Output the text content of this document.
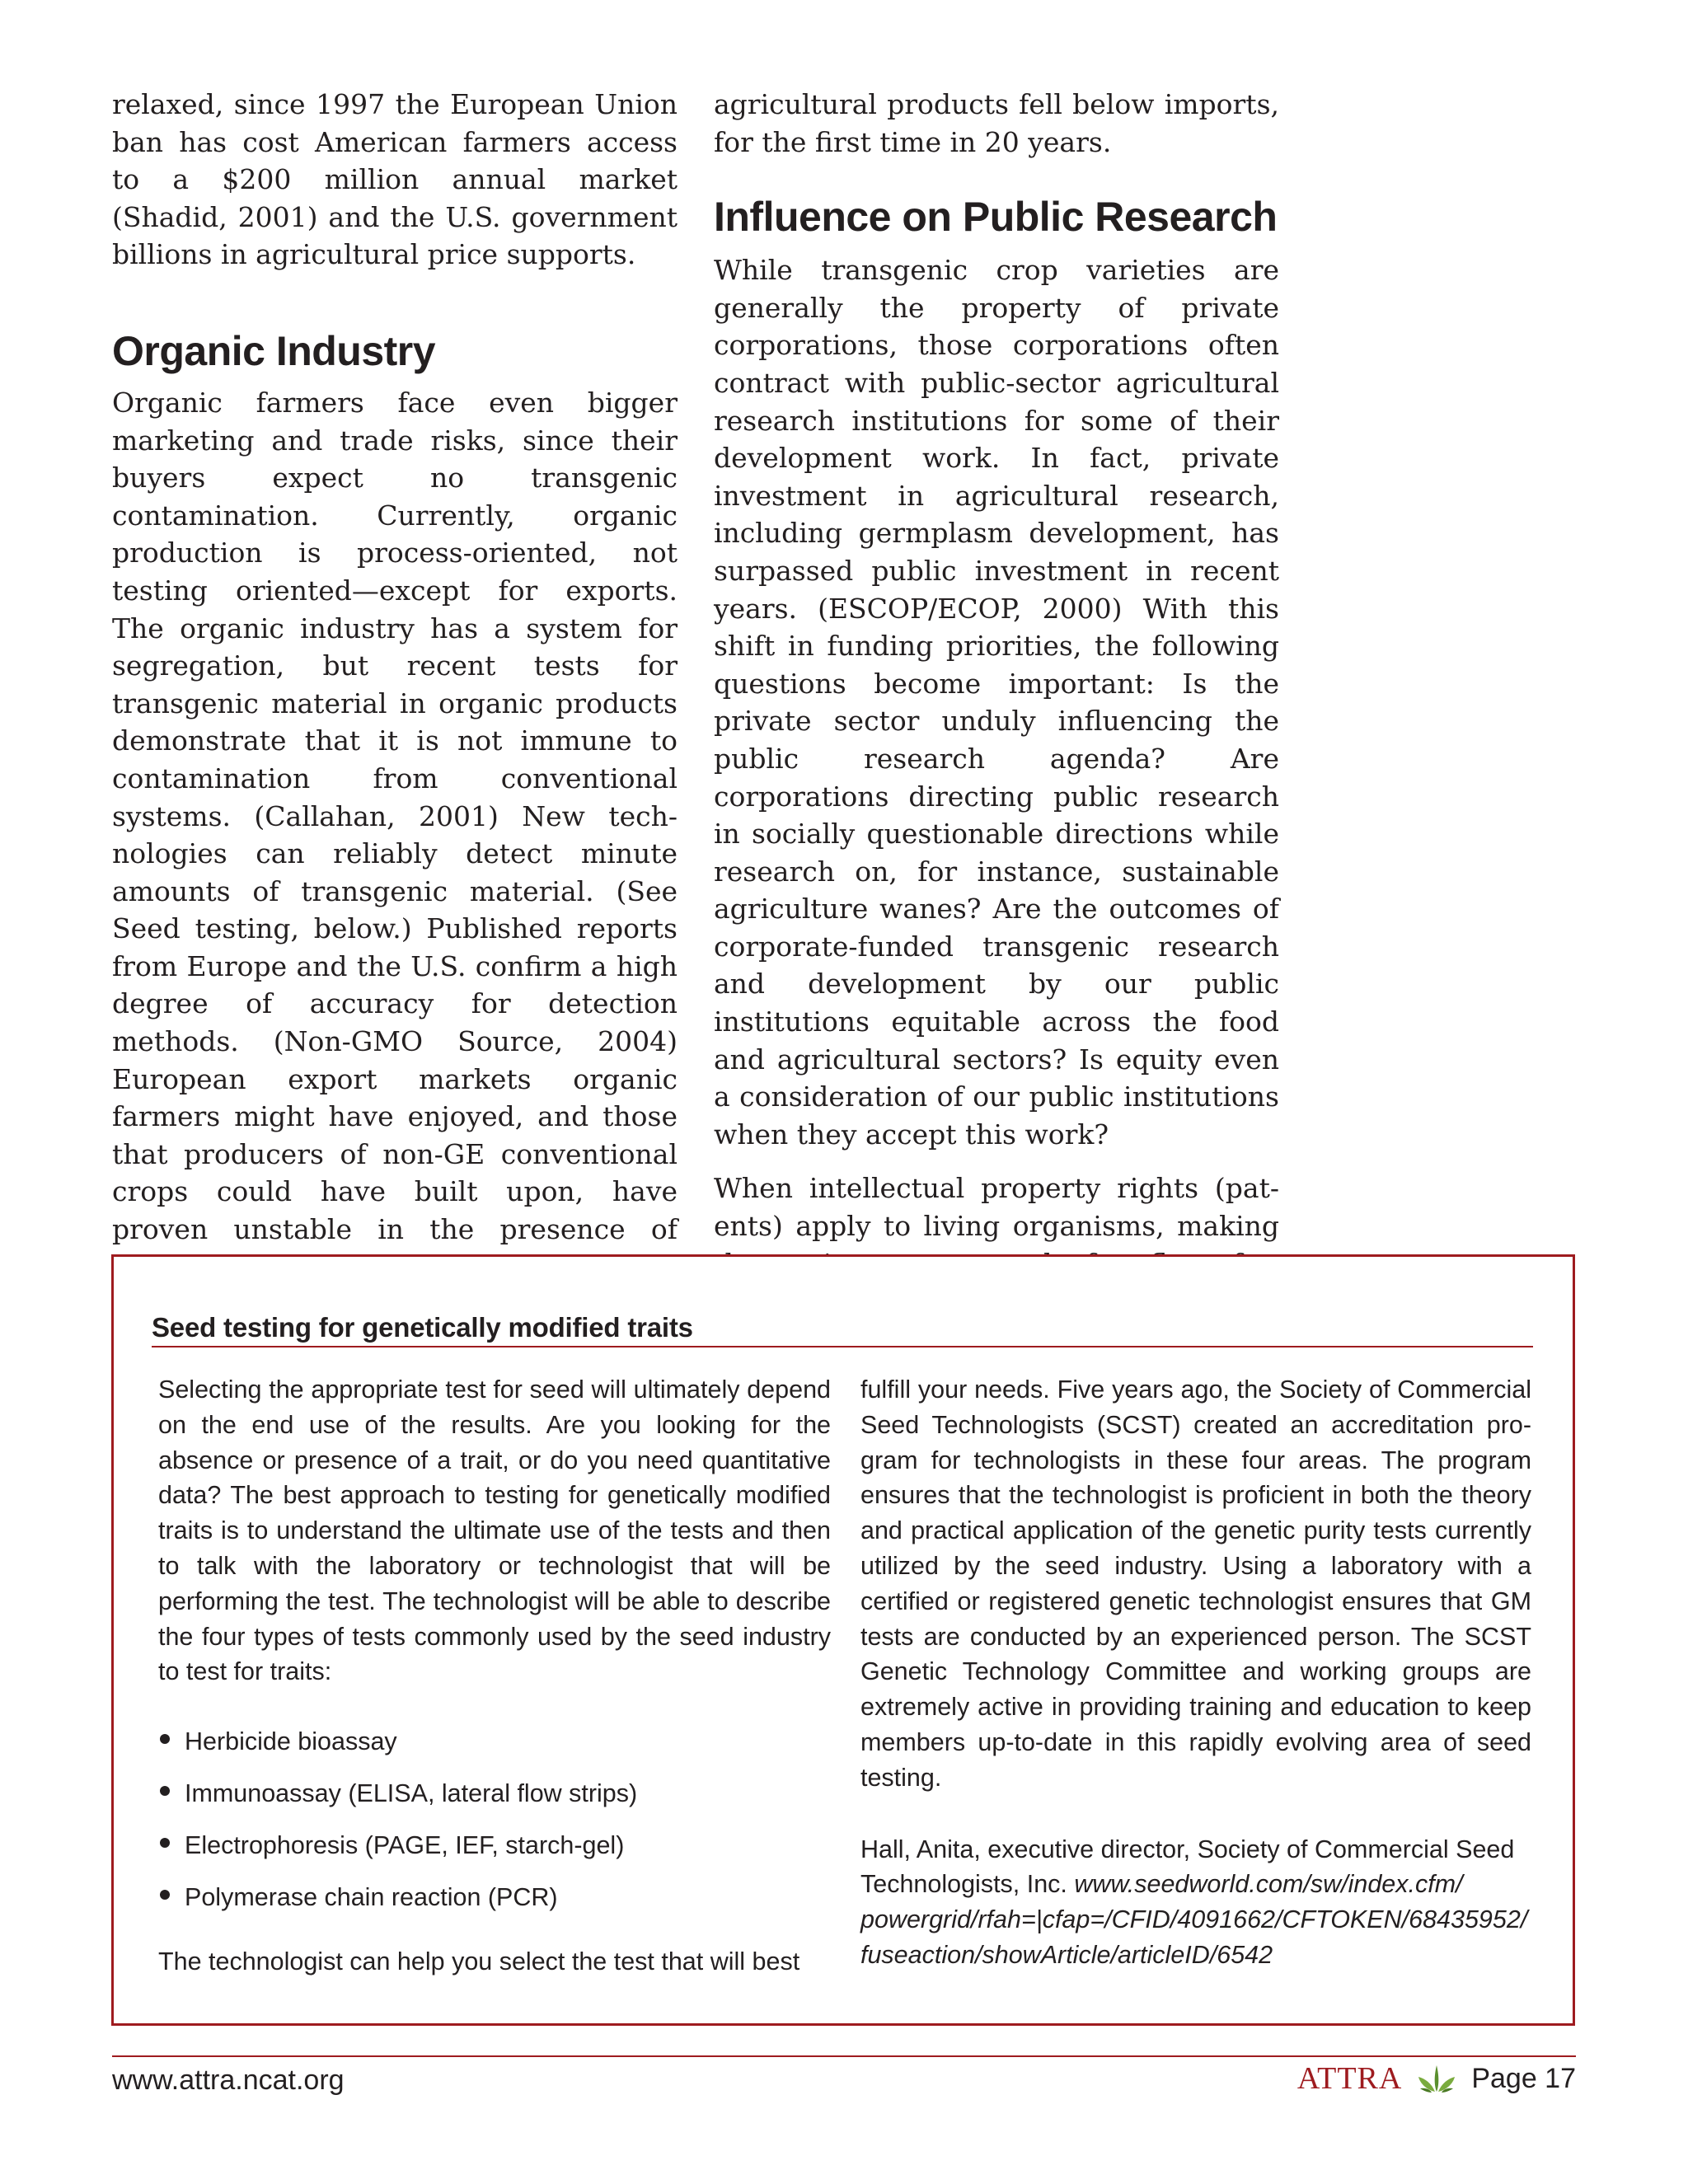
relaxed, since 1997 the European Union ban has cost American farmers access to a $200 million annual market (Shadid, 2001) and the U.S. government billions in agricultural price supports.

Organic Industry

Organic farmers face even bigger marketing and trade risks, since their buyers expect no transgenic contamination. Currently, organic production is process-oriented, not testing oriented—except for exports. The organic industry has a system for segregation, but recent tests for transgenic material in organic products demonstrate that it is not immune to contamination from conventional systems. (Callahan, 2001) New technologies can reliably detect minute amounts of transgenic material. (See Seed testing, below.) Published reports from Europe and the U.S. confirm a high degree of accuracy for detection methods. (Non-GMO Source, 2004) European export markets organic farmers might have enjoyed, and those that producers of non-GE conventional crops could have built upon, have proven unstable in the presence of

agricultural products fell below imports, for the first time in 20 years.

Influence on Public Research

While transgenic crop varieties are generally the property of private corporations, those corporations often contract with public-sector agricultural research institutions for some of their development work. In fact, private investment in agricultural research, including germplasm development, has surpassed public investment in recent years. (ESCOP/ECOP, 2000) With this shift in funding priorities, the following questions become important: Is the private sector unduly influencing the public research agenda? Are corporations directing public research in socially questionable directions while research on, for instance, sustainable agriculture wanes? Are the outcomes of corporate-funded transgenic research and development by our public institutions equitable across the food and agricultural sectors? Is equity even a consideration of our public institutions when they accept this work?

When intellectual property rights (patents) apply to living organisms, making

Seed testing for genetically modified traits

Selecting the appropriate test for seed will ultimately depend on the end use of the results. Are you looking for the absence or presence of a trait, or do you need quantitative data? The best approach to testing for genetically modified traits is to understand the ultimate use of the tests and then to talk with the laboratory or technologist that will be performing the test. The technologist will be able to describe the four types of tests commonly used by the seed industry to test for traits:

Herbicide bioassay
Immunoassay (ELISA, lateral flow strips)
Electrophoresis (PAGE, IEF, starch-gel)
Polymerase chain reaction (PCR)

The technologist can help you select the test that will best

fulfill your needs. Five years ago, the Society of Commercial Seed Technologists (SCST) created an accreditation program for technologists in these four areas. The program ensures that the technologist is proficient in both the theory and practical application of the genetic purity tests currently utilized by the seed industry. Using a laboratory with a certified or registered genetic technologist ensures that GM tests are conducted by an experienced person. The SCST Genetic Technology Committee and working groups are extremely active in providing training and education to keep members up-to-date in this rapidly evolving area of seed testing.

Hall, Anita, executive director, Society of Commercial Seed Technologists, Inc. www.seedworld.com/sw/index.cfm/ powergrid/rfah=|cfap=/CFID/4091662/CFTOKEN/68435952/ fuseaction/showArticle/articleID/6542

www.attra.ncat.org	ATTRA Page 17
